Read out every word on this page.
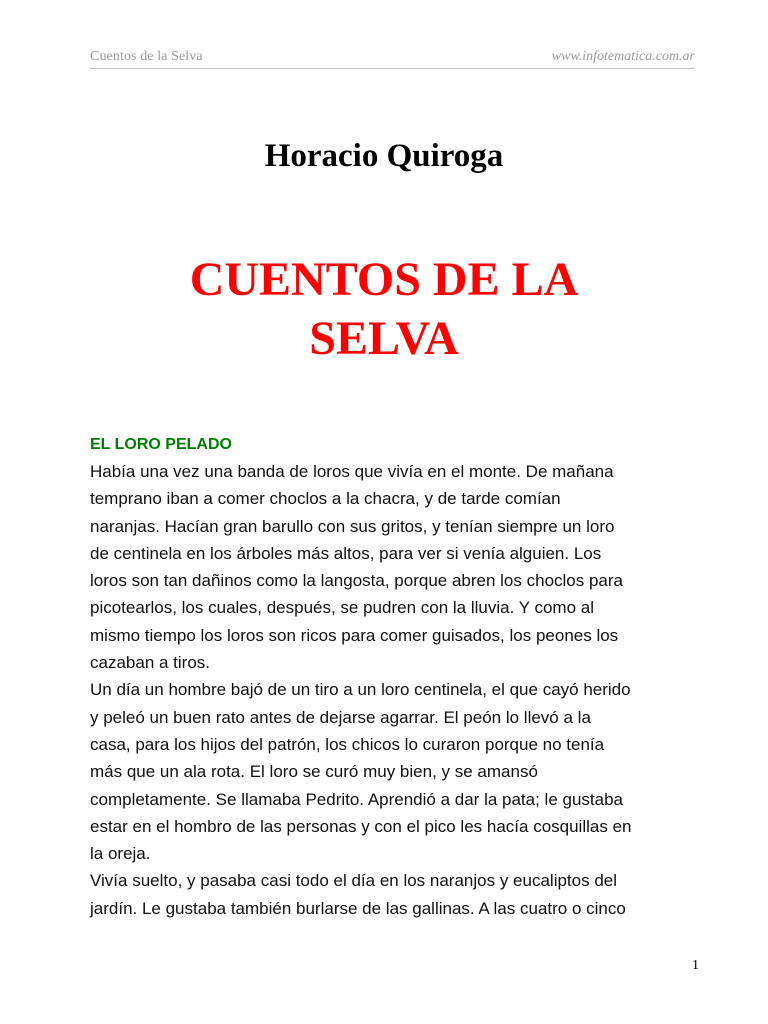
Cuentos de la Selva	www.infotematica.com.ar
Horacio Quiroga
CUENTOS DE LA
SELVA
EL LORO PELADO
Había una vez una banda de loros que vivía en el monte. De mañana
temprano iban a comer choclos a la chacra, y de tarde comían
naranjas. Hacían gran barullo con sus gritos, y tenían siempre un loro
de centinela en los árboles más altos, para ver si venía alguien. Los
loros son tan dañinos como la langosta, porque abren los choclos para
picotearlos, los cuales, después, se pudren con la lluvia. Y como al
mismo tiempo los loros son ricos para comer guisados, los peones los
cazaban a tiros.
Un día un hombre bajó de un tiro a un loro centinela, el que cayó herido
y peleó un buen rato antes de dejarse agarrar. El peón lo llevó a la
casa, para los hijos del patrón, los chicos lo curaron porque no tenía
más que un ala rota. El loro se curó muy bien, y se amansó
completamente. Se llamaba Pedrito. Aprendió a dar la pata; le gustaba
estar en el hombro de las personas y con el pico les hacía cosquillas en
la oreja.
Vivía suelto, y pasaba casi todo el día en los naranjos y eucaliptos del
jardín. Le gustaba también burlarse de las gallinas. A las cuatro o cinco
1
